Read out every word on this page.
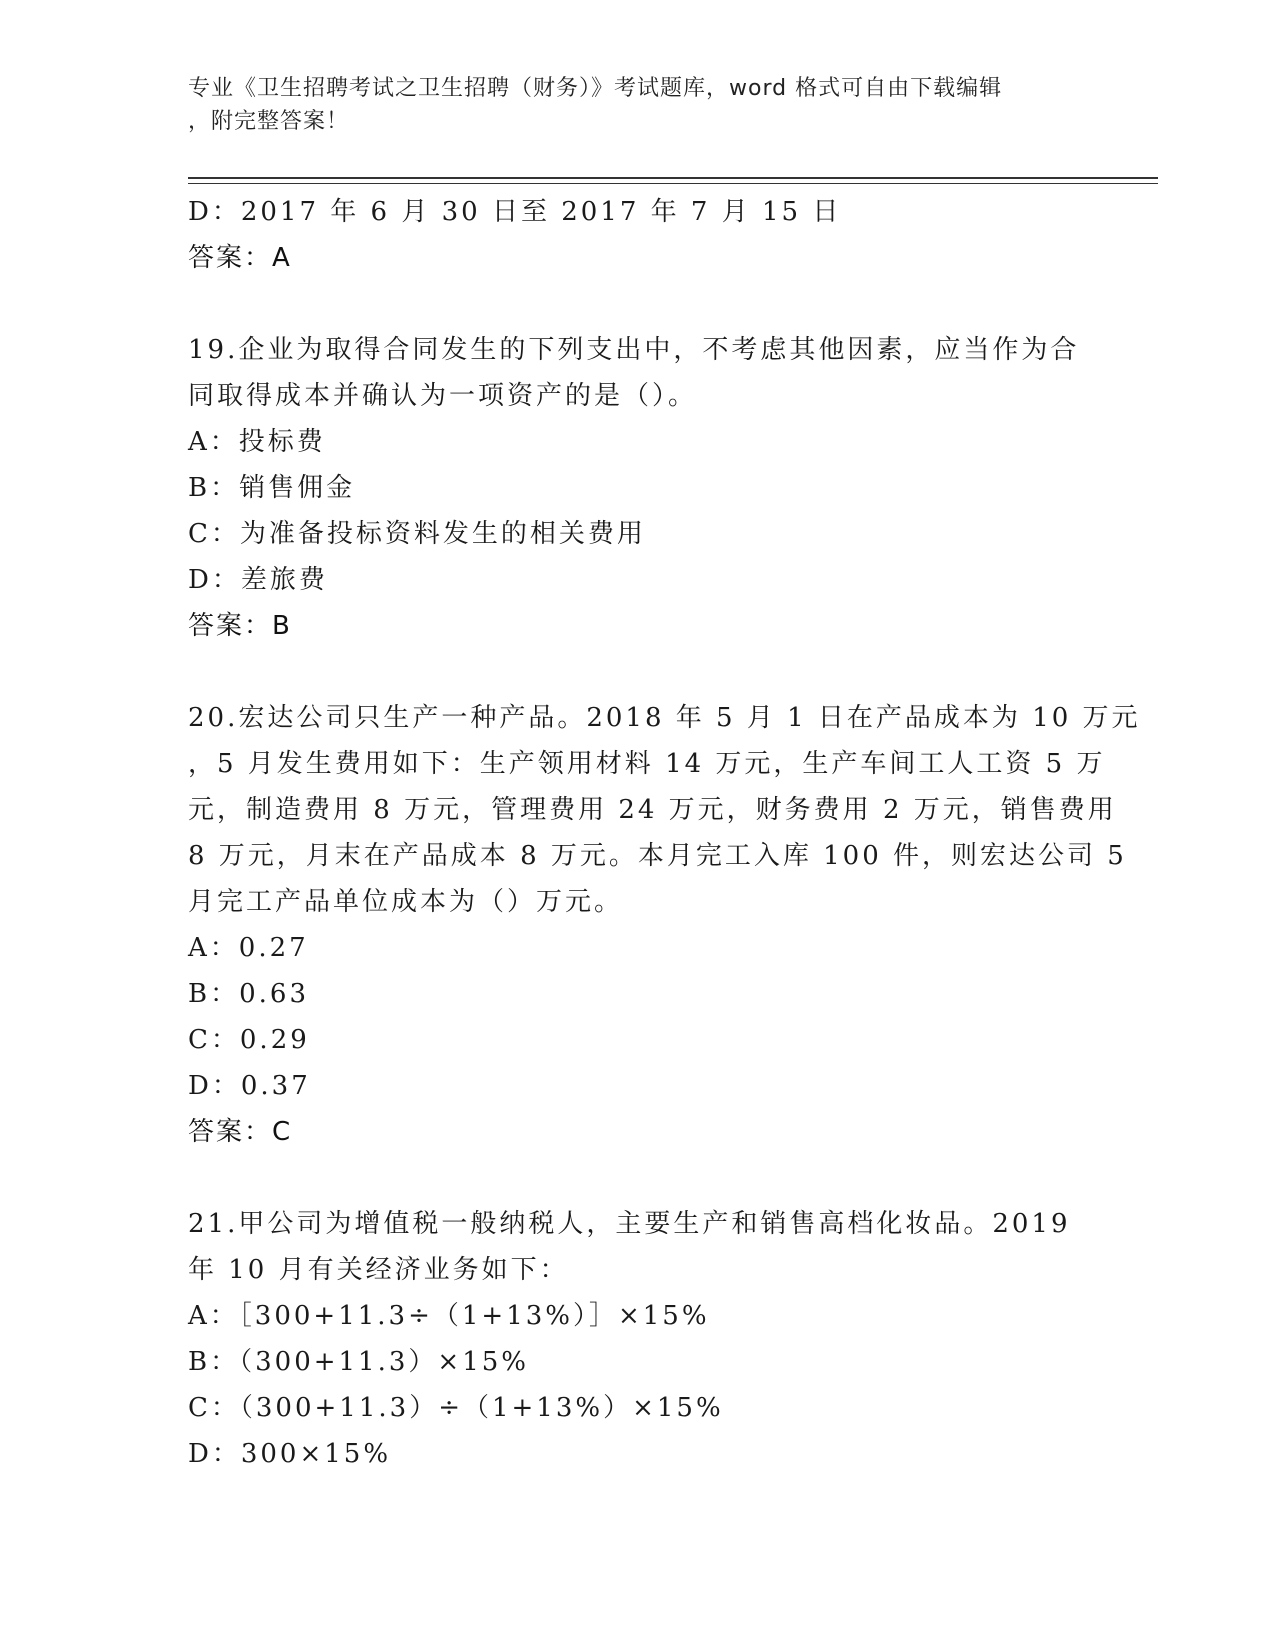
专业《卫生招聘考试之卫生招聘（财务）》考试题库，word 格式可自由下载编辑
，附完整答案！

D：2017 年 6 月 30 日至 2017 年 7 月 15 日

答案：A

19.企业为取得合同发生的下列支出中，不考虑其他因素，应当作为合

同取得成本并确认为一项资产的是（）。

A：投标费

B：销售佣金

C：为准备投标资料发生的相关费用

D：差旅费

答案：B

20.宏达公司只生产一种产品。2018 年 5 月 1 日在产品成本为 10 万元

，5 月发生费用如下：生产领用材料 14 万元，生产车间工人工资 5 万

元，制造费用 8 万元，管理费用 24 万元，财务费用 2 万元，销售费用

8 万元，月末在产品成本 8 万元。本月完工入库 100 件，则宏达公司 5

月完工产品单位成本为（）万元。

A：0.27

B：0.63

C：0.29

D：0.37

答案：C

21.甲公司为增值税一般纳税人，主要生产和销售高档化妆品。2019

年 10 月有关经济业务如下：

A：［300+11.3÷（1+13%）］×15%

B：（300+11.3）×15%

C：（300+11.3）÷（1+13%）×15%

D：300×15%
